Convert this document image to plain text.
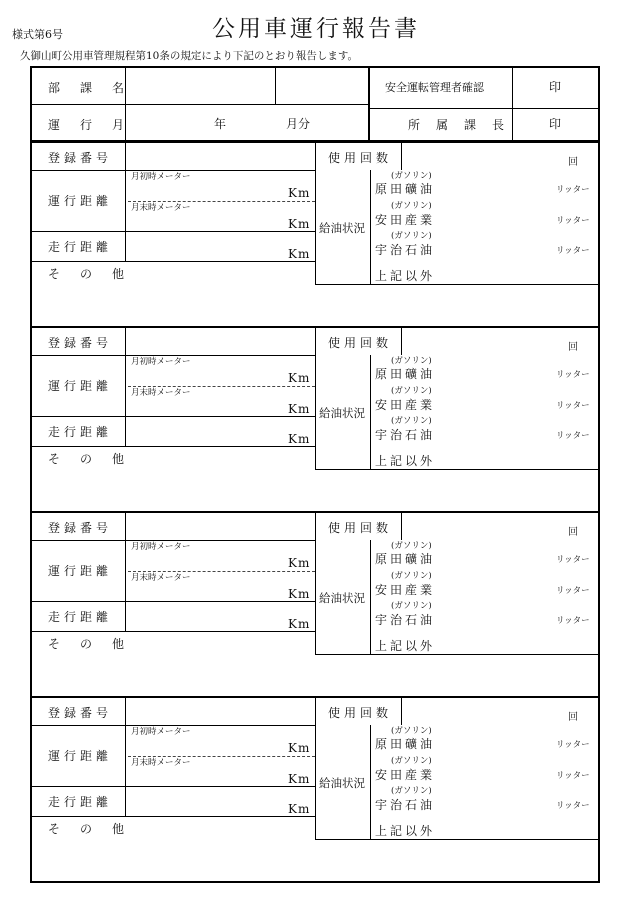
様式第6号	公用車運行報告書
久御山町公用車管理規程第10条の規定により下記のとおり報告します。
部　課　名	安全運転管理者確認	印
運　行　月	年	月分	所　属　課　長	印
登録番号	使用回数	回
運行距離
月初時メーター
Km
月末時メーター
Km
走行距離	Km
そ　の　他
給油状況
(ガソリン)
原田礦油	リッター
(ガソリン)
安田産業	リッター
(ガソリン)
宇治石油	リッター
上記以外
登録番号	使用回数	回
運行距離
月初時メーター
Km
月末時メーター
Km
走行距離	Km
そ　の　他
給油状況
(ガソリン)
原田礦油	リッター
(ガソリン)
安田産業	リッター
(ガソリン)
宇治石油	リッター
上記以外
登録番号	使用回数	回
運行距離
月初時メーター
Km
月末時メーター
Km
走行距離	Km
そ　の　他
給油状況
(ガソリン)
原田礦油	リッター
(ガソリン)
安田産業	リッター
(ガソリン)
宇治石油	リッター
上記以外
登録番号	使用回数	回
運行距離
月初時メーター
Km
月末時メーター
Km
走行距離	Km
そ　の　他
給油状況
(ガソリン)
原田礦油	リッター
(ガソリン)
安田産業	リッター
(ガソリン)
宇治石油	リッター
上記以外
